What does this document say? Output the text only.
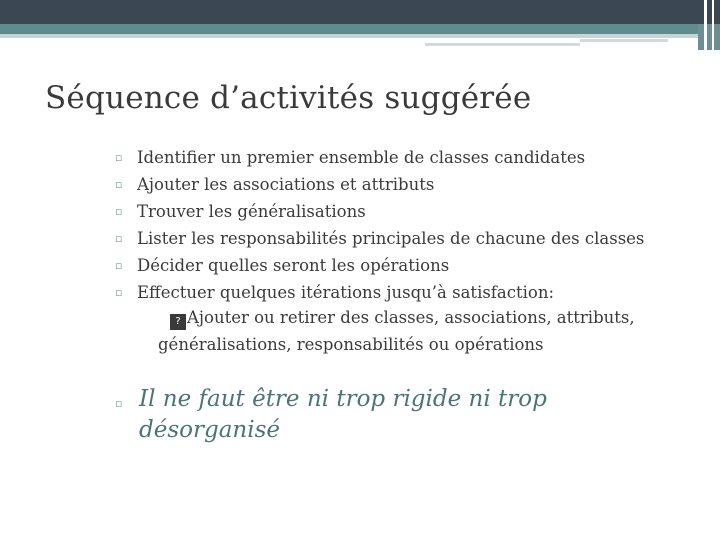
Séquence d’activités suggérée
▫ Identifier un premier ensemble de classes candidates
▫ Ajouter les associations et attributs
▫ Trouver les généralisations
▫ Lister les responsabilités principales de chacune des classes
▫ Décider quelles seront les opérations
▫ Effectuer quelques itérations jusqu’à satisfaction:
? Ajouter ou retirer des classes, associations, attributs,
généralisations, responsabilités ou opérations
▫ Il ne faut être ni trop rigide ni trop
désorganisé
